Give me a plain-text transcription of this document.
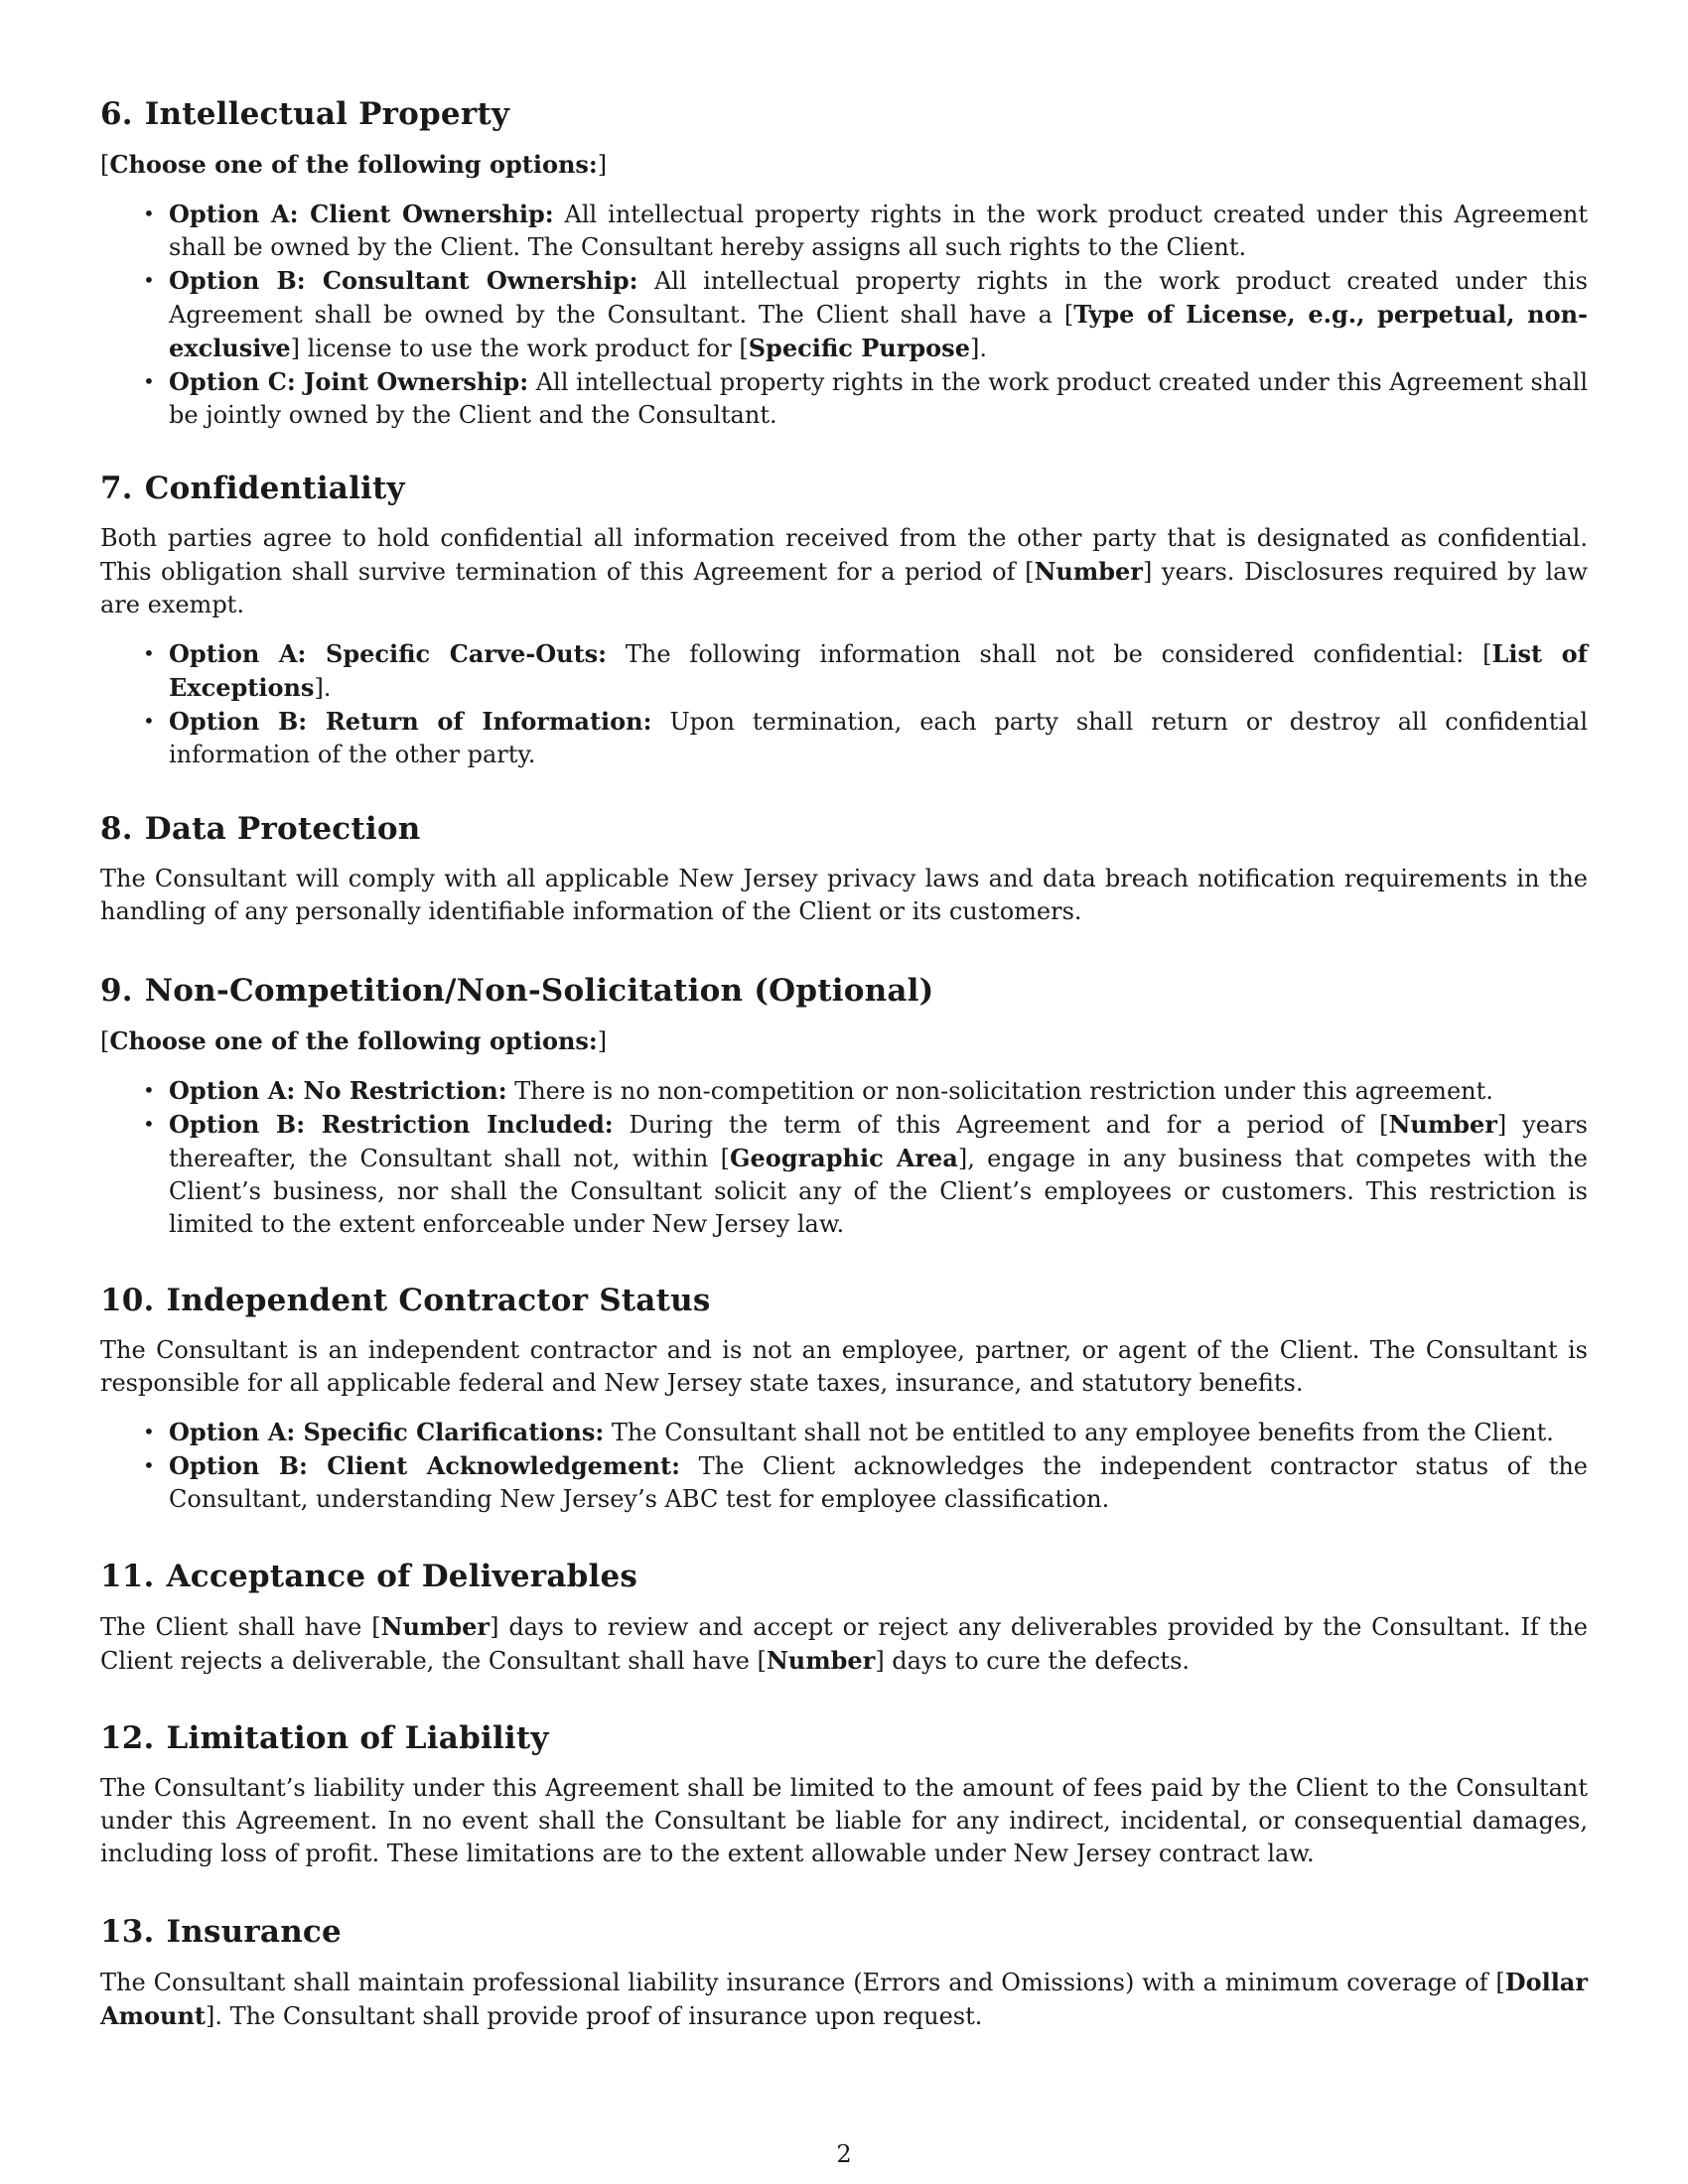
6. Intellectual Property

[Choose one of the following options:]

• Option A: Client Ownership: All intellectual property rights in the work product created under this Agreement shall be owned by the Client. The Consultant hereby assigns all such rights to the Client.
• Option B: Consultant Ownership: All intellectual property rights in the work product created under this Agreement shall be owned by the Consultant. The Client shall have a [Type of License, e.g., perpetual, non-exclusive] license to use the work product for [Specific Purpose].
• Option C: Joint Ownership: All intellectual property rights in the work product created under this Agreement shall be jointly owned by the Client and the Consultant.
7. Confidentiality

Both parties agree to hold confidential all information received from the other party that is designated as confidential. This obligation shall survive termination of this Agreement for a period of [Number] years. Disclosures required by law are exempt.

• Option A: Specific Carve-Outs: The following information shall not be considered confidential: [List of Exceptions].
• Option B: Return of Information: Upon termination, each party shall return or destroy all confidential information of the other party.
8. Data Protection

The Consultant will comply with all applicable New Jersey privacy laws and data breach notification requirements in the handling of any personally identifiable information of the Client or its customers.

9. Non-Competition/Non-Solicitation (Optional)

[Choose one of the following options:]

• Option A: No Restriction: There is no non-competition or non-solicitation restriction under this agreement.
• Option B: Restriction Included: During the term of this Agreement and for a period of [Number] years thereafter, the Consultant shall not, within [Geographic Area], engage in any business that competes with the Client’s business, nor shall the Consultant solicit any of the Client’s employees or customers. This restriction is limited to the extent enforceable under New Jersey law.
10. Independent Contractor Status

The Consultant is an independent contractor and is not an employee, partner, or agent of the Client. The Consultant is responsible for all applicable federal and New Jersey state taxes, insurance, and statutory benefits.

• Option A: Specific Clarifications: The Consultant shall not be entitled to any employee benefits from the Client.
• Option B: Client Acknowledgement: The Client acknowledges the independent contractor status of the Consultant, understanding New Jersey’s ABC test for employee classification.
11. Acceptance of Deliverables

The Client shall have [Number] days to review and accept or reject any deliverables provided by the Consultant. If the Client rejects a deliverable, the Consultant shall have [Number] days to cure the defects.

12. Limitation of Liability

The Consultant’s liability under this Agreement shall be limited to the amount of fees paid by the Client to the Consultant under this Agreement. In no event shall the Consultant be liable for any indirect, incidental, or consequential damages, including loss of profit. These limitations are to the extent allowable under New Jersey contract law.

13. Insurance

The Consultant shall maintain professional liability insurance (Errors and Omissions) with a minimum coverage of [Dollar Amount]. The Consultant shall provide proof of insurance upon request.

2
